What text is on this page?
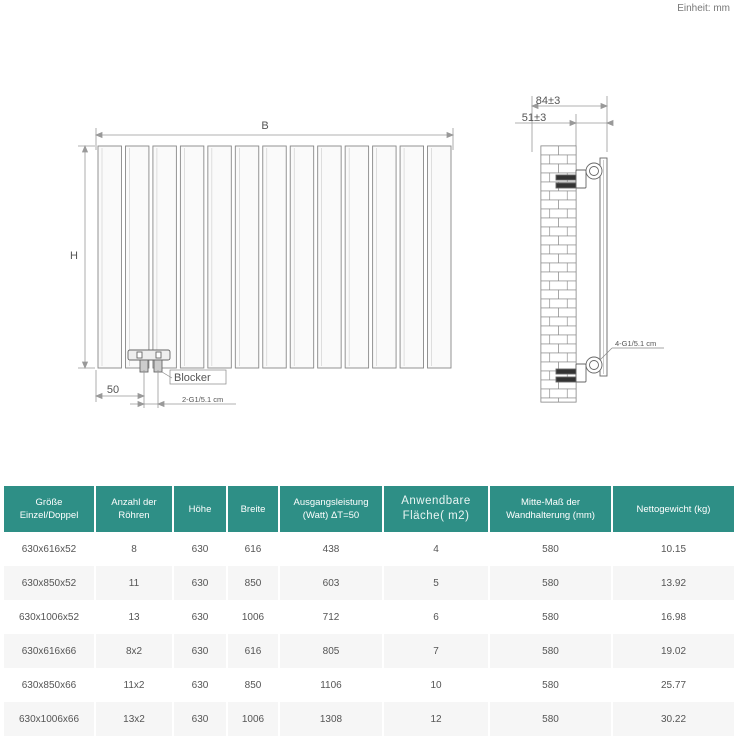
Einheit: mm
B
H
Blocker
50
2-G1/5.1 cm
84±3
51±3
4-G1/5.1 cm
Größe Einzel/Doppel	Anzahl der Röhren	Höhe	Breite	Ausgangsleistung (Watt) ΔT=50	Anwendbare Fläche( m2)	Mitte-Maß der Wandhalterung (mm)	Nettogewicht (kg)
630x616x52	8	630	616	438	4	580	10.15
630x850x52	11	630	850	603	5	580	13.92
630x1006x52	13	630	1006	712	6	580	16.98
630x616x66	8x2	630	616	805	7	580	19.02
630x850x66	11x2	630	850	1106	10	580	25.77
630x1006x66	13x2	630	1006	1308	12	580	30.22
